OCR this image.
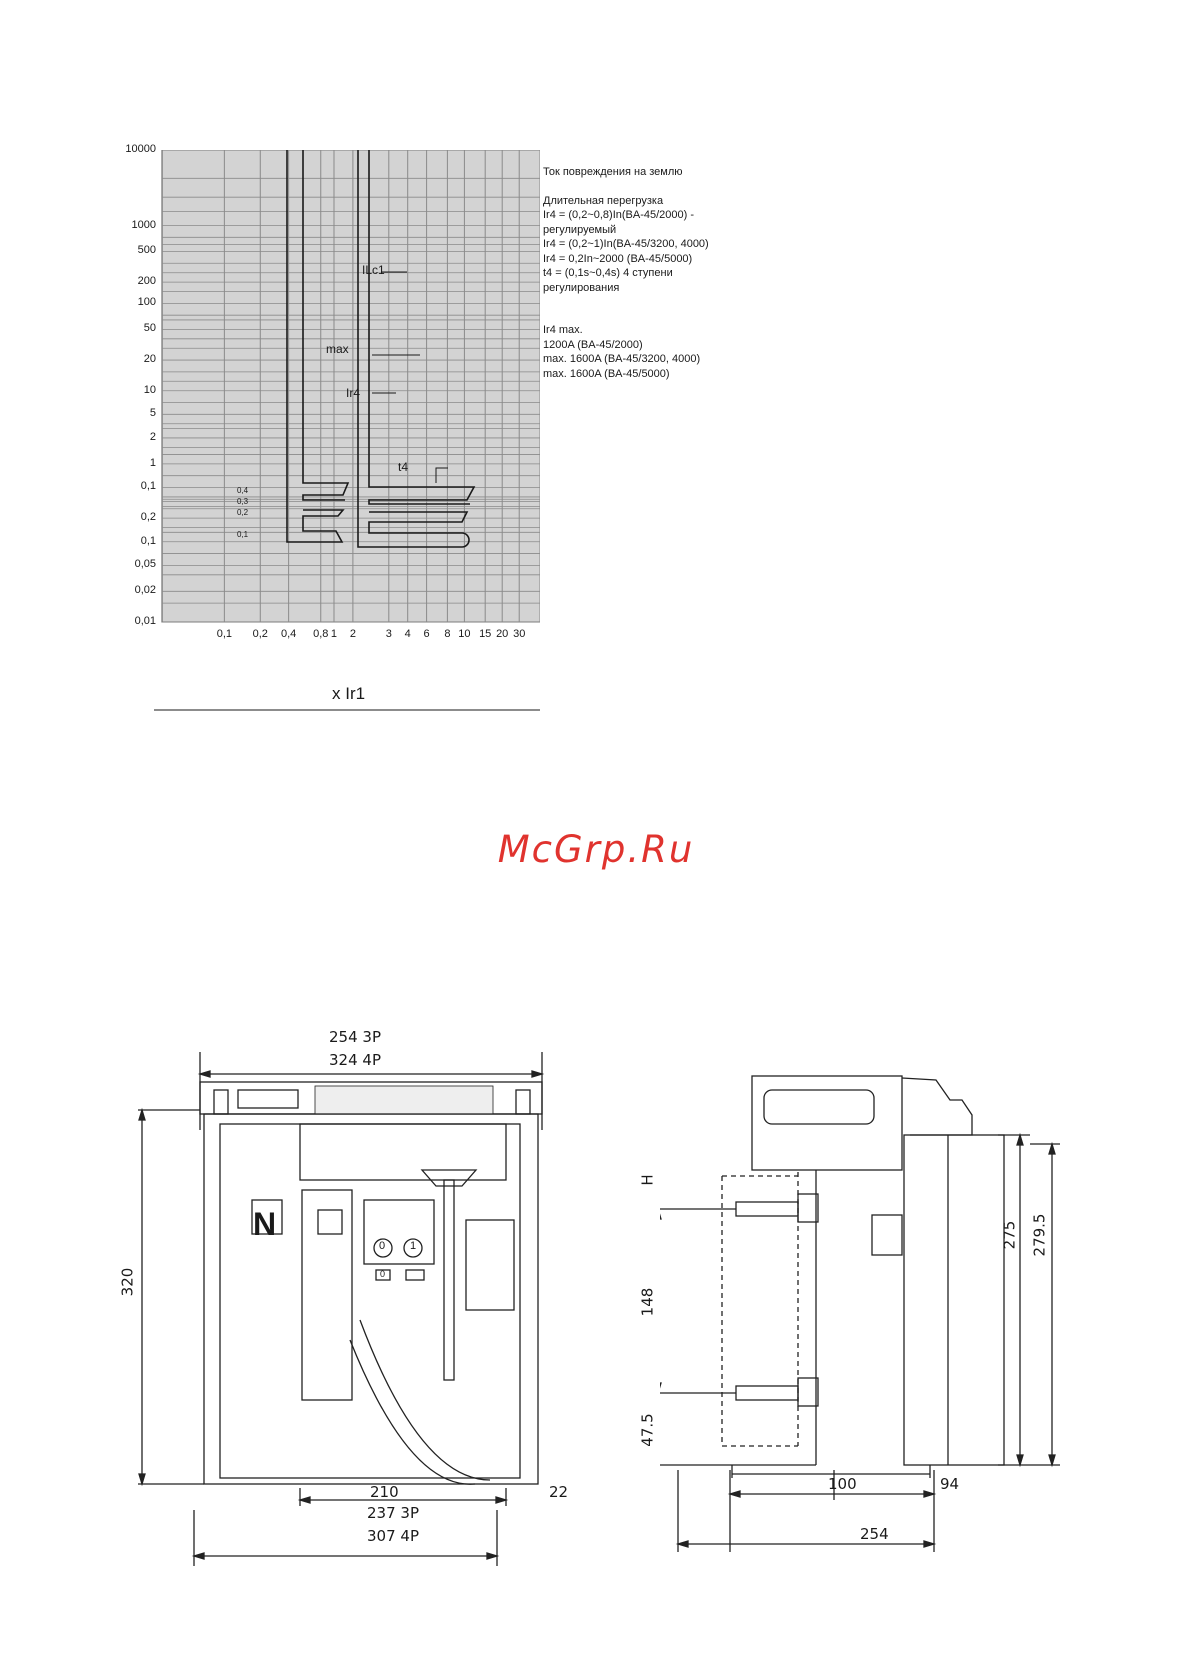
10000
1000
500
200
100
50
20
10
5
2
1
0,1
0,2
0,1
0,05
0,02
0,01
0,1 0,2 0,4 0,8 1 2	3 4 6 8 10 15 20 30
x Ir1
ILc1
max
Ir4
t4
0,4
0,3
0,2
0,1
Ток повреждения на землю
Длительная перегрузка
Ir4 = (0,2~0,8)In(BA-45/2000) -
регулируемый
Ir4 = (0,2~1)In(BA-45/3200, 4000)
Ir4 = 0,2In~2000 (BA-45/5000)
t4 = (0,1s~0,4s) 4 ступени
регулирования
Ir4 max.
1200A (BA-45/2000)
max. 1600A (BA-45/3200, 4000)
max. 1600A (BA-45/5000)
McGrp.Ru
254 3P
324 4P
320
210	22
237 3P
307 4P
N
0 1
0
H
148
47.5
275 279.5
100	94
254
